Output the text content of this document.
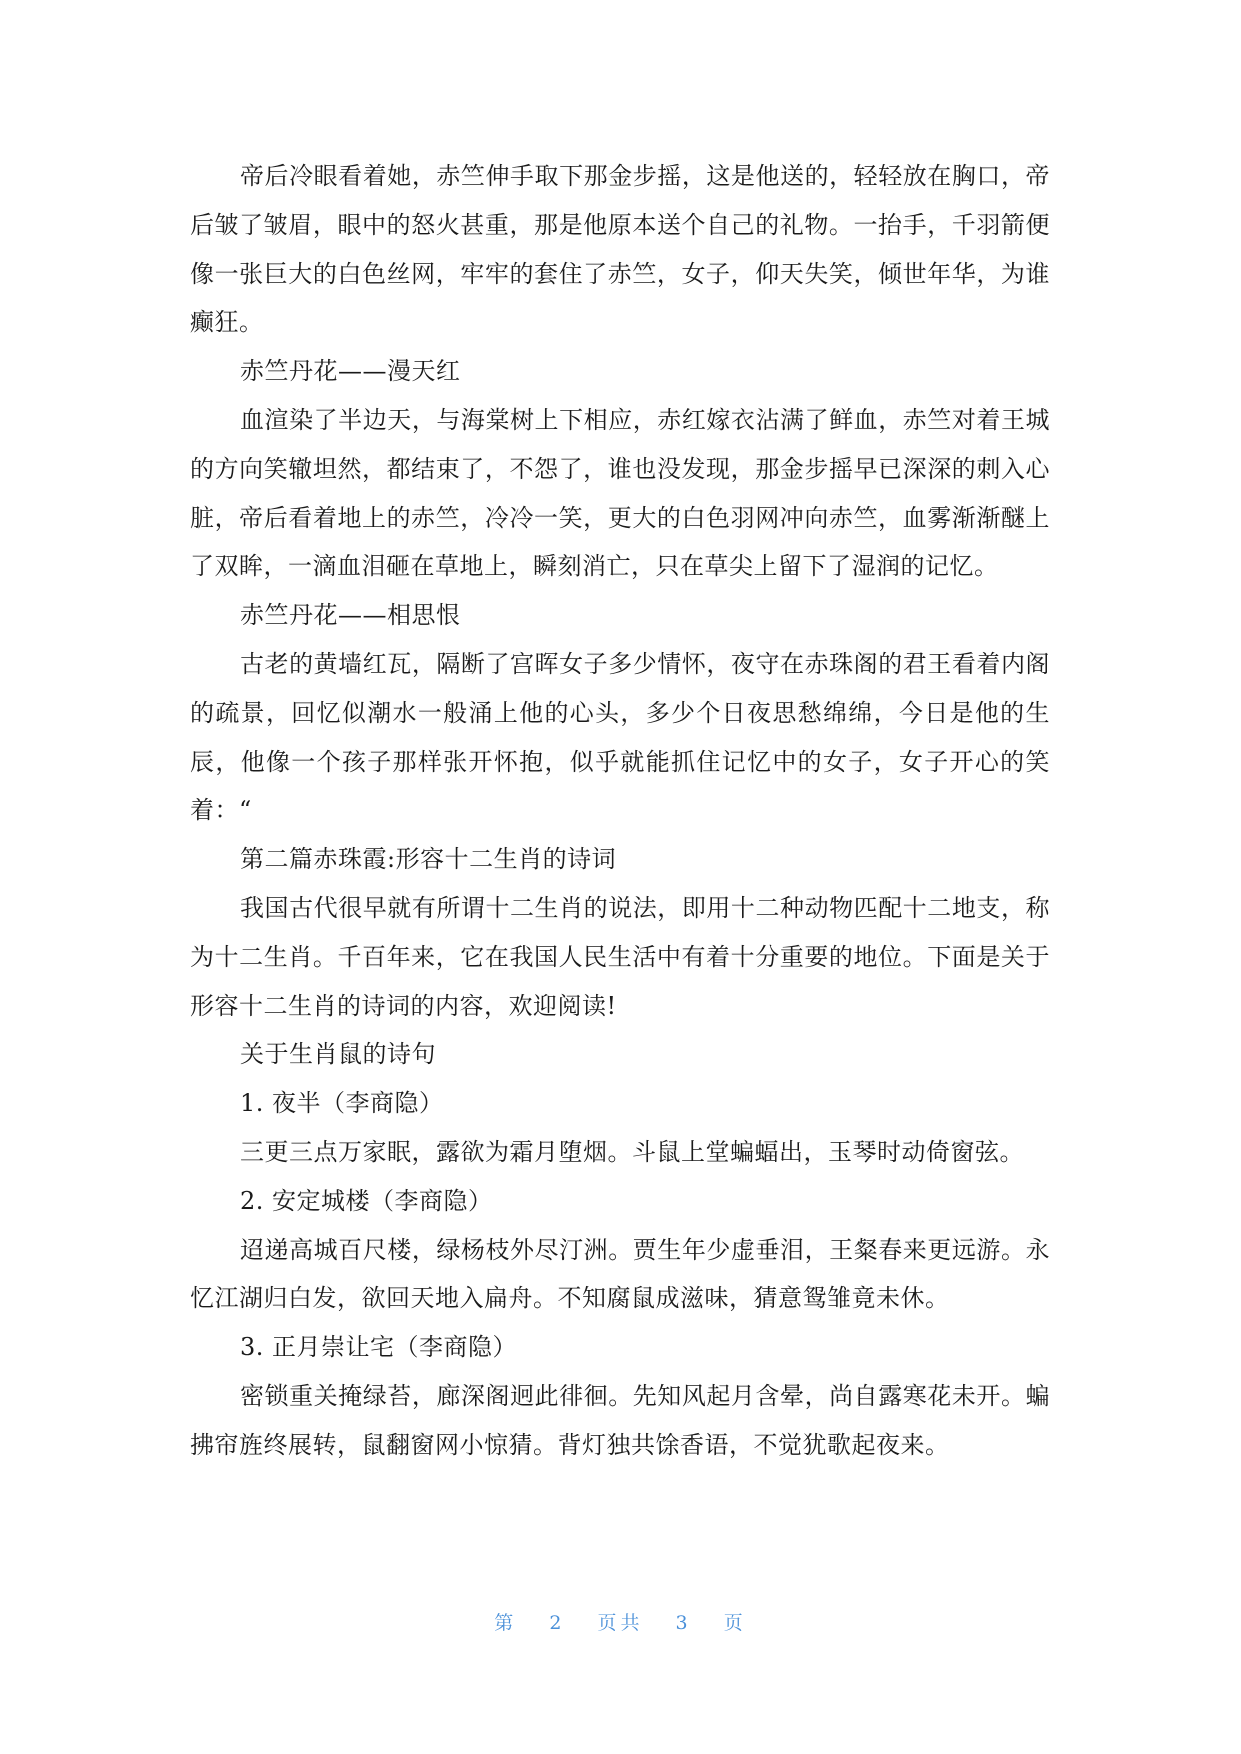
帝后冷眼看着她，赤竺伸手取下那金步摇，这是他送的，轻轻放在胸口，帝后皱了皱眉，眼中的怒火甚重，那是他原本送个自己的礼物。一抬手，千羽箭便像一张巨大的白色丝网，牢牢的套住了赤竺，女子，仰天失笑，倾世年华，为谁癫狂。

赤竺丹花——漫天红

血渲染了半边天，与海棠树上下相应，赤红嫁衣沾满了鲜血，赤竺对着王城的方向笑辙坦然，都结束了，不怨了，谁也没发现，那金步摇早已深深的刺入心脏，帝后看着地上的赤竺，冷冷一笑，更大的白色羽网冲向赤竺，血雾渐渐醚上了双眸，一滴血泪砸在草地上，瞬刻消亡，只在草尖上留下了湿润的记忆。

赤竺丹花——相思恨

古老的黄墙红瓦，隔断了宫晖女子多少情怀，夜守在赤珠阁的君王看着内阁的疏景，回忆似潮水一般涌上他的心头，多少个日夜思愁绵绵，今日是他的生辰，他像一个孩子那样张开怀抱，似乎就能抓住记忆中的女子，女子开心的笑着：“

第二篇赤珠霞:形容十二生肖的诗词

我国古代很早就有所谓十二生肖的说法，即用十二种动物匹配十二地支，称为十二生肖。千百年来，它在我国人民生活中有着十分重要的地位。下面是关于形容十二生肖的诗词的内容，欢迎阅读!

关于生肖鼠的诗句

1. 夜半（李商隐）

三更三点万家眠，露欲为霜月堕烟。斗鼠上堂蝙蝠出，玉琴时动倚窗弦。

2. 安定城楼（李商隐）

迢递高城百尺楼，绿杨枝外尽汀洲。贾生年少虚垂泪，王粲春来更远游。永忆江湖归白发，欲回天地入扁舟。不知腐鼠成滋味，猜意鸳雏竟未休。

3. 正月崇让宅（李商隐）

密锁重关掩绿苔，廊深阁迥此徘徊。先知风起月含晕，尚自露寒花未开。蝙拂帘旌终展转，鼠翻窗网小惊猜。背灯独共馀香语，不觉犹歌起夜来。

第 2 页共 3 页
